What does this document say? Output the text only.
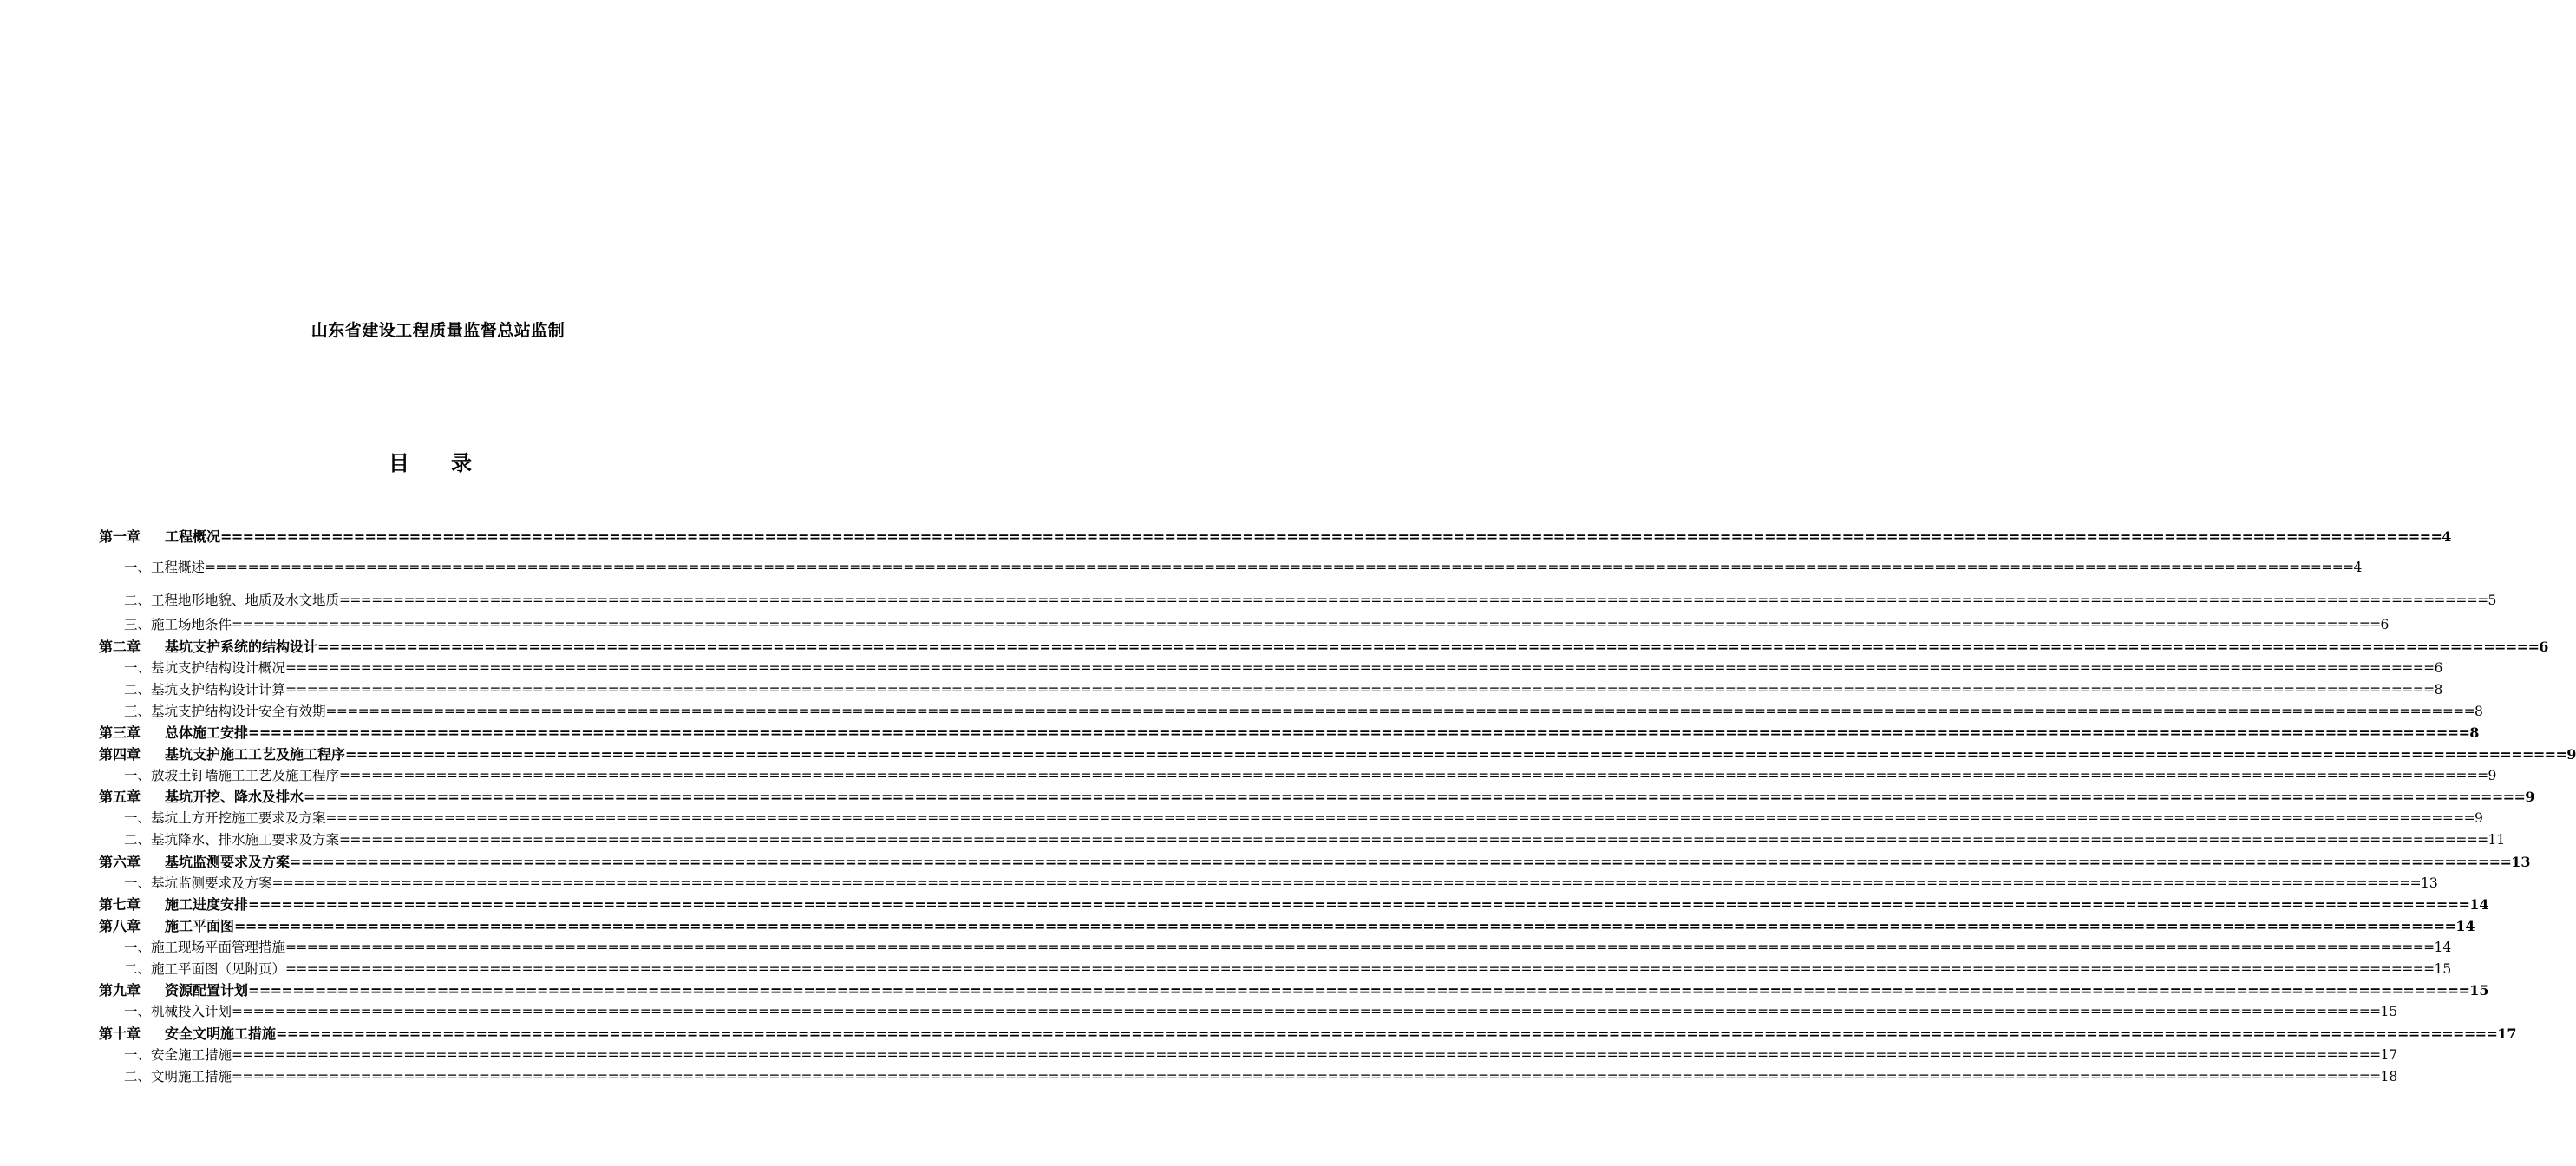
山东省建设工程质量监督总站监制
目 录
第一章	工程概况 ======================================================================================================================================================================================================== 4
一、工程概述 ======================================================================================================================================================================================================== 4
二、工程地形地貌、地质及水文地质 ======================================================================================================================================================================================================== 5
三、施工场地条件 ======================================================================================================================================================================================================== 6
第二章	基坑支护系统的结构设计 ======================================================================================================================================================================================================== 6
一、基坑支护结构设计概况 ======================================================================================================================================================================================================== 6
二、基坑支护结构设计计算 ======================================================================================================================================================================================================== 8
三、基坑支护结构设计安全有效期 ======================================================================================================================================================================================================== 8
第三章	总体施工安排 ======================================================================================================================================================================================================== 8
第四章	基坑支护施工工艺及施工程序 ======================================================================================================================================================================================================== 9
一、放坡土钉墙施工工艺及施工程序 ======================================================================================================================================================================================================== 9
第五章	基坑开挖、降水及排水 ======================================================================================================================================================================================================== 9
一、基坑土方开挖施工要求及方案 ======================================================================================================================================================================================================== 9
二、基坑降水、排水施工要求及方案 ======================================================================================================================================================================================================== 11
第六章	基坑监测要求及方案 ======================================================================================================================================================================================================== 13
一、基坑监测要求及方案 ======================================================================================================================================================================================================== 13
第七章	施工进度安排 ======================================================================================================================================================================================================== 14
第八章	施工平面图 ======================================================================================================================================================================================================== 14
一、施工现场平面管理措施 ======================================================================================================================================================================================================== 14
二、施工平面图（见附页） ======================================================================================================================================================================================================== 15
第九章	资源配置计划 ======================================================================================================================================================================================================== 15
一、机械投入计划 ======================================================================================================================================================================================================== 15
第十章	安全文明施工措施 ======================================================================================================================================================================================================== 17
一、安全施工措施 ======================================================================================================================================================================================================== 17
二、文明施工措施 ======================================================================================================================================================================================================== 18
